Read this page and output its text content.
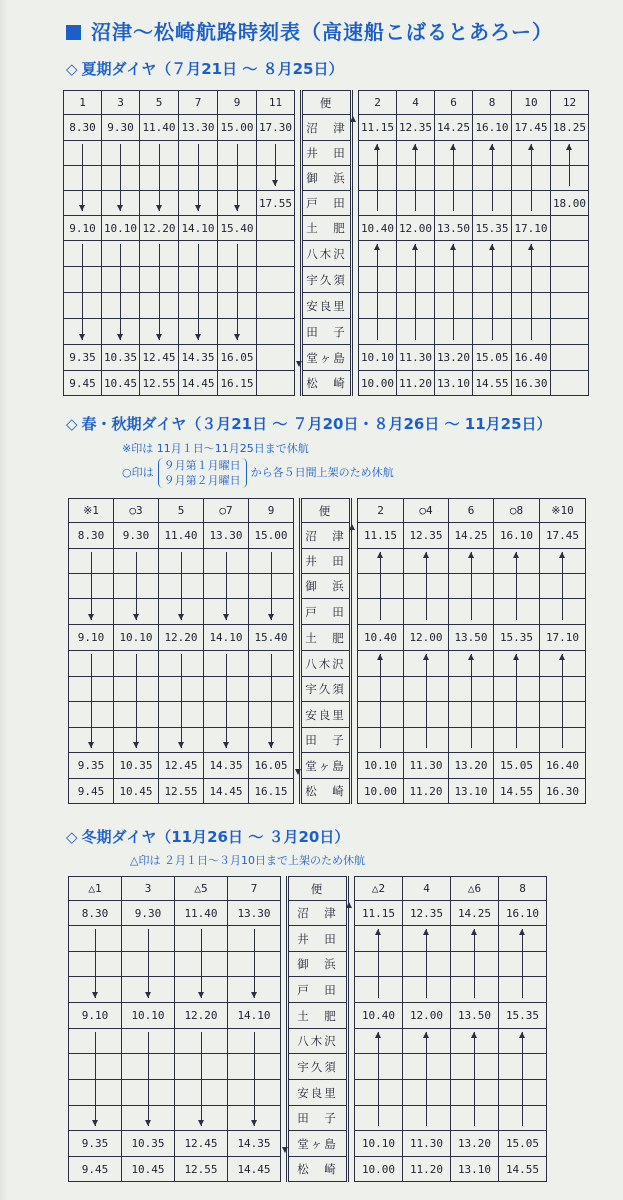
沼津〜松崎航路時刻表（高速船こばるとあろー）
◇ 夏期ダイヤ（７月21日 〜 ８月25日）
1	3	5	7	9	11		便		2	4	6	8	10	12
8.30	9.30	11.40	13.30	15.00	17.30		沼　津		11.15	12.35	14.25	16.10	17.45	18.25
							井　田							
							御　浜							
					17.55		戸　田							18.00
9.10	10.10	12.20	14.10	15.40			土　肥		10.40	12.00	13.50	15.35	17.10	
							八木沢							
							宇久須							
							安良里							
							田　子							
9.35	10.35	12.45	14.35	16.05			堂ヶ島		10.10	11.30	13.20	15.05	16.40	
9.45	10.45	12.55	14.45	16.15			松　崎		10.00	11.20	13.10	14.55	16.30	
◇ 春・秋期ダイヤ（３月21日 〜 ７月20日・８月26日 〜 11月25日）
※印は 11月１日〜11月25日まで休航
○印は
９月第１月曜日
９月第２月曜日
から各５日間上架のため休航
※1	○3	5	○7	9		便		2	○4	6	○8	※10
8.30	9.30	11.40	13.30	15.00		沼　津		11.15	12.35	14.25	16.10	17.45
						井　田						
						御　浜						
						戸　田						
9.10	10.10	12.20	14.10	15.40		土　肥		10.40	12.00	13.50	15.35	17.10
						八木沢						
						宇久須						
						安良里						
						田　子						
9.35	10.35	12.45	14.35	16.05		堂ヶ島		10.10	11.30	13.20	15.05	16.40
9.45	10.45	12.55	14.45	16.15		松　崎		10.00	11.20	13.10	14.55	16.30
◇ 冬期ダイヤ（11月26日 〜 ３月20日）
△印は ２月１日〜３月10日まで上架のため休航
△1	3	△5	7		便		△2	4	△6	8
8.30	9.30	11.40	13.30		沼　津		11.15	12.35	14.25	16.10
					井　田					
					御　浜					
					戸　田					
9.10	10.10	12.20	14.10		土　肥		10.40	12.00	13.50	15.35
					八木沢					
					宇久須					
					安良里					
					田　子					
9.35	10.35	12.45	14.35		堂ヶ島		10.10	11.30	13.20	15.05
9.45	10.45	12.55	14.45		松　崎		10.00	11.20	13.10	14.55
